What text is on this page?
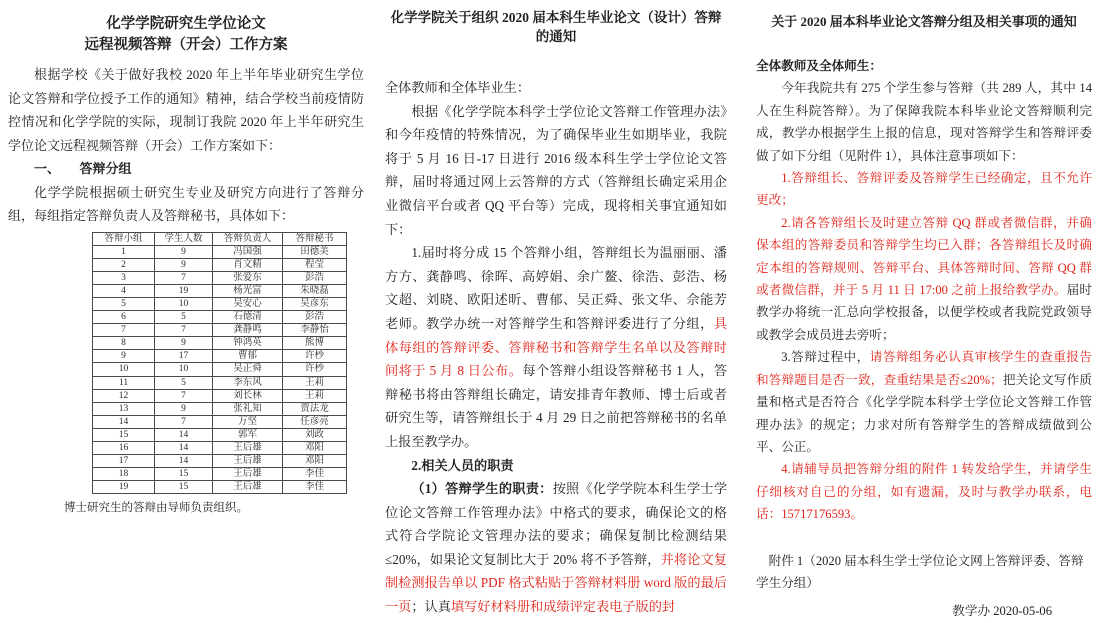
化学学院研究生学位论文

远程视频答辩（开会）工作方案

根据学校《关于做好我校 2020 年上半年毕业研究生学位论文答辩和学位授予工作的通知》精神，结合学校当前疫情防控情况和化学学院的实际，现制订我院 2020 年上半年研究生学位论文远程视频答辩（开会）工作方案如下：

一、　　答辩分组

化学学院根据硕士研究生专业及研究方向进行了答辩分组，每组指定答辩负责人及答辩秘书，具体如下：

答辩小组	学生人数	答辩负责人	答辩秘书
1	9	冯国强	田德美
2	9	肖文精	程莹
3	7	张爱东	彭浩
4	19	杨光富	朱晓磊
5	10	吴安心	吴彦东
6	5	石德清	彭浩
7	7	龚静鸣	李静怡
8	9	钟鸿英	熊博
9	17	曹郁	许杪
10	10	吴正舜	许杪
11	5	李东风	王莉
12	7	刘长林	王莉
13	9	张礼知	贾法龙
14	7	万坚	任彦亮
15	14	郭军	刘政
16	14	王后雄	邓阳
17	14	王后雄	邓阳
18	15	王后雄	李佳
19	15	王后雄	李佳

博士研究生的答辩由导师负责组织。

化学学院关于组织 2020 届本科生毕业论文（设计）答辩的通知

全体教师和全体毕业生：

根据《化学学院本科学士学位论文答辩工作管理办法》和今年疫情的特殊情况，为了确保毕业生如期毕业，我院将于 5 月 16 日-17 日进行 2016 级本科生学士学位论文答辩，届时将通过网上云答辩的方式（答辩组长确定采用企业微信平台或者 QQ 平台等）完成，现将相关事宜通知如下：

1.届时将分成 15 个答辩小组，答辩组长为温丽丽、潘方方、龚静鸣、徐晖、高婷娟、余广鳌、徐浩、彭浩、杨文超、刘晓、欧阳述昕、曹郁、吴正舜、张文华、佘能芳老师。教学办统一对答辩学生和答辩评委进行了分组，具体每组的答辩评委、答辩秘书和答辩学生名单以及答辩时间将于 5 月 8 日公布。每个答辩小组设答辩秘书 1 人，答辩秘书将由答辩组长确定，请安排青年教师、博士后或者研究生等，请答辩组长于 4 月 29 日之前把答辩秘书的名单上报至教学办。

2.相关人员的职责

（1）答辩学生的职责：按照《化学学院本科生学士学位论文答辩工作管理办法》中格式的要求，确保论文的格式符合学院论文管理办法的要求；确保复制比检测结果≤20%，如果论文复制比大于 20% 将不予答辩，并将论文复制检测报告单以 PDF 格式粘贴于答辩材料册 word 版的最后一页；认真填写好材料册和成绩评定表电子版的封

关于 2020 届本科毕业论文答辩分组及相关事项的通知

全体教师及全体师生：

今年我院共有 275 个学生参与答辩（共 289 人，其中 14 人在生科院答辩）。为了保障我院本科毕业论文答辩顺利完成，教学办根据学生上报的信息，现对答辩学生和答辩评委做了如下分组（见附件 1），具体注意事项如下：

1.答辩组长、答辩评委及答辩学生已经确定，且不允许更改；

2.请各答辩组长及时建立答辩 QQ 群或者微信群，并确保本组的答辩委员和答辩学生均已入群；各答辩组长及时确定本组的答辩规则、答辩平台、具体答辩时间、答辩 QQ 群或者微信群，并于 5 月 11 日 17:00 之前上报给教学办。届时教学办将统一汇总向学校报备，以便学校或者我院党政领导或教学会成员进去旁听；

3.答辩过程中，请答辩组务必认真审核学生的查重报告和答辩题目是否一致，查重结果是否≤20%；把关论文写作质量和格式是否符合《化学学院本科学士学位论文答辩工作管理办法》的规定；力求对所有答辩学生的答辩成绩做到公平、公正。

4.请辅导员把答辩分组的附件 1 转发给学生，并请学生仔细核对自己的分组，如有遗漏，及时与教学办联系，电话：15717176593。

附件 1（2020 届本科生学士学位论文网上答辩评委、答辩学生分组）

教学办 2020-05-06
